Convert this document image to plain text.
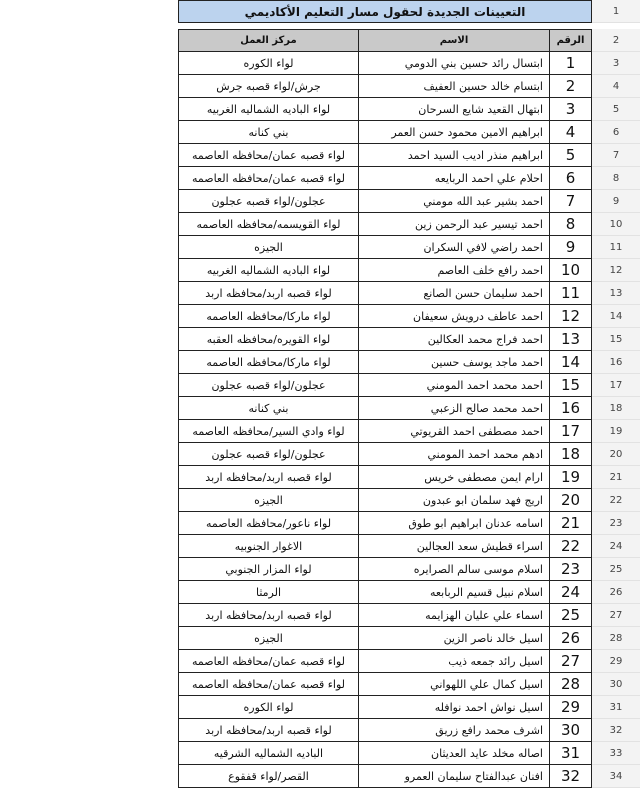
التعيينات الجديدة لحقول مسار التعليم الأكاديمي	1
مركز العمل	الاسم	الرقم	2
لواء الكوره	ابتسال رائد حسين بني الدومي	1	3
جرش/لواء قصبه جرش	ابتسام خالد حسين العفيف	2	4
لواء الباديه الشماليه الغربيه	ابتهال القعيد شايع السرحان	3	5
بني كنانه	ابراهيم الامين محمود حسن العمر	4	6
لواء قصبه عمان/محافظه العاصمه	ابراهيم منذر اديب السيد احمد	5	7
لواء قصبه عمان/محافظه العاصمه	احلام علي احمد الربايعه	6	8
عجلون/لواء قصبه عجلون	احمد بشير عبد الله مومني	7	9
لواء القويسمه/محافظه العاصمه	احمد تيسير عبد الرحمن زين	8	10
الجيزه	احمد راضي لافي السكران	9	11
لواء الباديه الشماليه الغربيه	احمد رافع خلف العاصم	10	12
لواء قصبه اربد/محافظه اربد	احمد سليمان حسن الصانع	11	13
لواء ماركا/محافظه العاصمه	احمد عاطف درويش سعيفان	12	14
لواء القويره/محافظه العقبه	احمد فراج محمد العكالين	13	15
لواء ماركا/محافظه العاصمه	احمد ماجد يوسف حسين	14	16
عجلون/لواء قصبه عجلون	احمد محمد احمد المومني	15	17
بني كنانه	احمد محمد صالح الزعبي	16	18
لواء وادي السير/محافظه العاصمه	احمد مصطفى احمد القريوتي	17	19
عجلون/لواء قصبه عجلون	ادهم محمد احمد المومني	18	20
لواء قصبه اربد/محافظه اربد	ارام ايمن مصطفى خريس	19	21
الجيزه	اريج فهد سلمان ابو عبدون	20	22
لواء ناعور/محافظه العاصمه	اسامه عدنان ابراهيم ابو طوق	21	23
الاغوار الجنوبيه	اسراء قطيش سعد العجالين	22	24
لواء المزار الجنوبي	اسلام موسى سالم الصرايره	23	25
الرمثا	اسلام نبيل قسيم الربابعه	24	26
لواء قصبه اربد/محافظه اربد	اسماء علي عليان الهزايمه	25	27
الجيزه	اسيل خالد ناصر الزين	26	28
لواء قصبه عمان/محافظه العاصمه	اسيل رائد جمعه ذيب	27	29
لواء قصبه عمان/محافظه العاصمه	اسيل كمال علي اللهواني	28	30
لواء الكوره	اسيل نواش احمد نوافله	29	31
لواء قصبه اربد/محافظه اربد	اشرف محمد رافع زريق	30	32
الباديه الشماليه الشرقيه	اصاله مخلد عايد العديثان	31	33
القصر/لواء قفقوع	افنان عبدالفتاح سليمان العمرو	32	34
